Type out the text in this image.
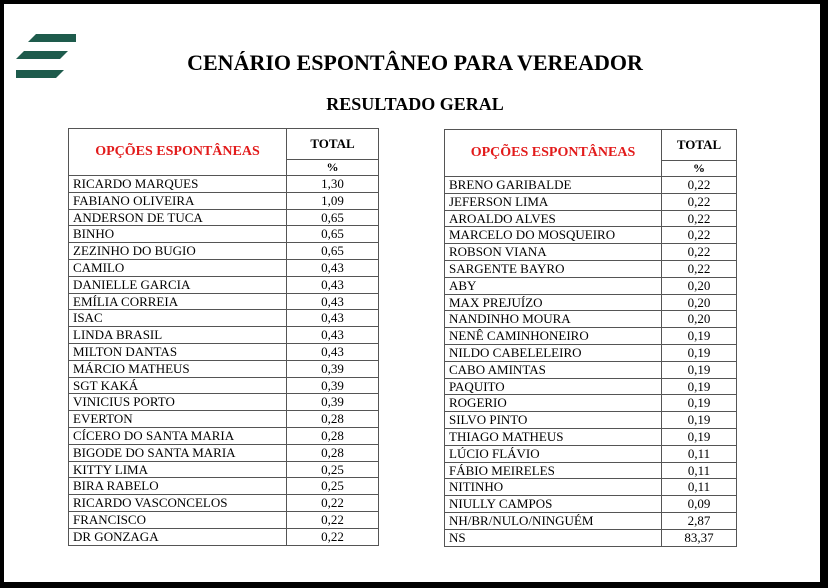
CENÁRIO ESPONTÂNEO PARA VEREADOR
RESULTADO GERAL
OPÇÕES ESPONTÂNEAS	TOTAL
	%
RICARDO MARQUES	1,30
FABIANO OLIVEIRA	1,09
ANDERSON DE TUCA	0,65
BINHO	0,65
ZEZINHO DO BUGIO	0,65
CAMILO	0,43
DANIELLE GARCIA	0,43
EMÍLIA CORREIA	0,43
ISAC	0,43
LINDA BRASIL	0,43
MILTON DANTAS	0,43
MÁRCIO MATHEUS	0,39
SGT KAKÁ	0,39
VINICIUS PORTO	0,39
EVERTON	0,28
CÍCERO DO SANTA MARIA	0,28
BIGODE DO SANTA MARIA	0,28
KITTY LIMA	0,25
BIRA RABELO	0,25
RICARDO VASCONCELOS	0,22
FRANCISCO	0,22
DR GONZAGA	0,22
OPÇÕES ESPONTÂNEAS	TOTAL
	%
BRENO GARIBALDE	0,22
JEFERSON LIMA	0,22
AROALDO ALVES	0,22
MARCELO DO MOSQUEIRO	0,22
ROBSON VIANA	0,22
SARGENTE BAYRO	0,22
ABY	0,20
MAX PREJUÍZO	0,20
NANDINHO MOURA	0,20
NENÊ CAMINHONEIRO	0,19
NILDO CABELELEIRO	0,19
CABO AMINTAS	0,19
PAQUITO	0,19
ROGERIO	0,19
SILVO PINTO	0,19
THIAGO MATHEUS	0,19
LÚCIO FLÁVIO	0,11
FÁBIO MEIRELES	0,11
NITINHO	0,11
NIULLY CAMPOS	0,09
NH/BR/NULO/NINGUÉM	2,87
NS	83,37
